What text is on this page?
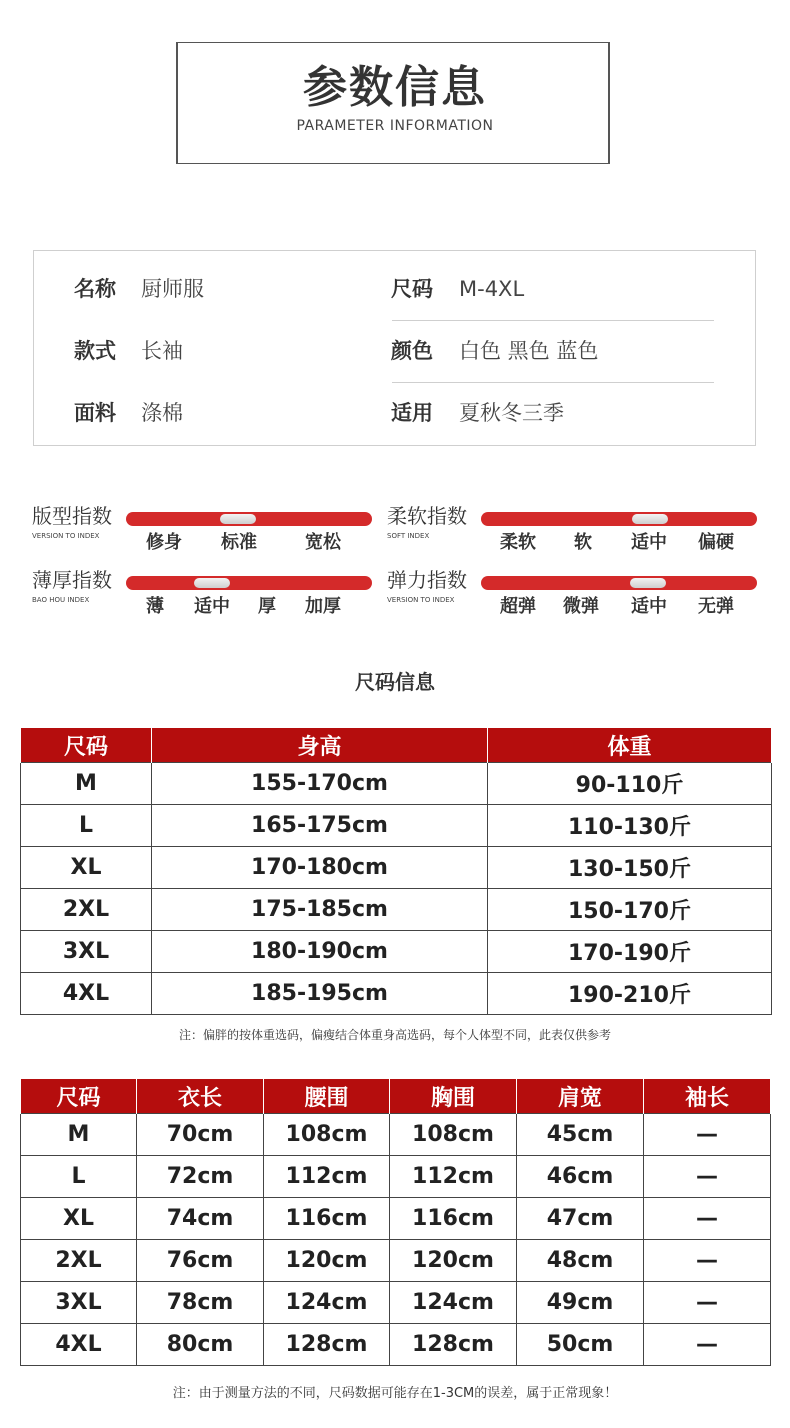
参数信息
PARAMETER INFORMATION
名称 厨师服	尺码 M-4XL
款式 长袖	颜色 白色 黑色 蓝色
面料 涤棉	适用 夏秋冬三季
版型指数
VERSION TO INDEX	修身 标准	宽松
柔软指数
SOFT INDEX	柔软 软 适中 偏硬
薄厚指数
BAO HOU INDEX	薄 适中 厚 加厚
弹力指数
VERSION TO INDEX	超弹 微弹 适中 无弹
尺码信息
尺码	身高	体重
M	155-170cm	90-110斤
L	165-175cm	110-130斤
XL	170-180cm	130-150斤
2XL	175-185cm	150-170斤
3XL	180-190cm	170-190斤
4XL	185-195cm	190-210斤
注：偏胖的按体重选码，偏瘦结合体重身高选码，每个人体型不同，此表仅供参考
尺码	衣长	腰围	胸围	肩宽	袖长
M	70cm	108cm	108cm	45cm	—
L	72cm	112cm	112cm	46cm	—
XL	74cm	116cm	116cm	47cm	—
2XL	76cm	120cm	120cm	48cm	—
3XL	78cm	124cm	124cm	49cm	—
4XL	80cm	128cm	128cm	50cm	—
注：由于测量方法的不同，尺码数据可能存在1-3CM的误差，属于正常现象！
